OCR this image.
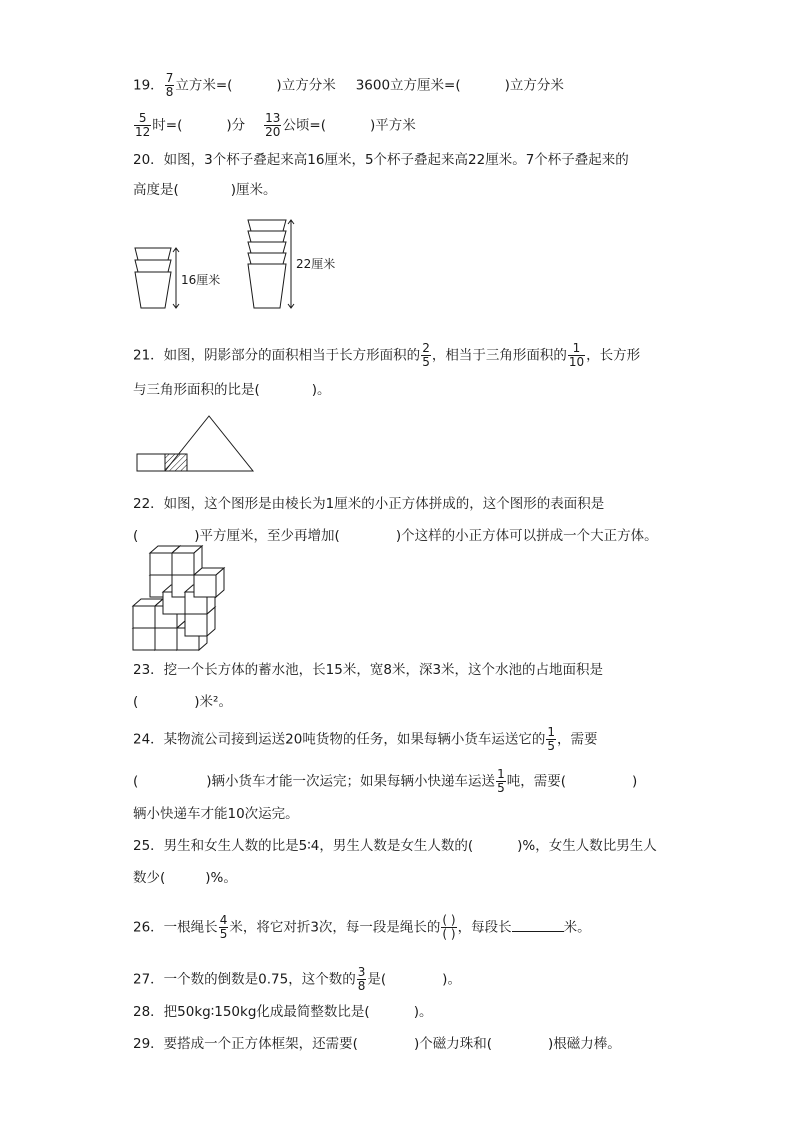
19． $\frac{7}{8}$ 立方米=(	)立方分米 3600立方厘米=(	)立方分米
$\frac{5}{12}$ 时=(	)分 $\frac{13}{20}$ 公顷=(	)平方米
20．如图，3个杯子叠起来高16厘米，5个杯子叠起来高22厘米。7个杯子叠起来的
高度是(	)厘米。
16厘米
22厘米
21．如图，阴影部分的面积相当于长方形面积的 $\frac{2}{5}$ ，相当于三角形面积的 $\frac{1}{10}$ ，长方形
与三角形面积的比是(	)。
22．如图，这个图形是由棱长为1厘米的小正方体拼成的，这个图形的表面积是
(	)平方厘米，至少再增加(	)个这样的小正方体可以拼成一个大正方体。
23．挖一个长方体的蓄水池，长15米，宽8米，深3米，这个水池的占地面积是
(	)米²。
24．某物流公司接到运送20吨货物的任务，如果每辆小货车运送它的 $\frac{1}{5}$ ，需要
(	)辆小货车才能一次运完；如果每辆小快递车运送 $\frac{1}{5}$ 吨，需要(	)
辆小快递车才能10次运完。
25．男生和女生人数的比是5∶4，男生人数是女生人数的(	)%，女生人数比男生人
数少(	)%。
26．一根绳长 $\frac{4}{5}$ 米，将它对折3次，每一段是绳长的 $\frac{( )}{( )}$ ，每段长	米。
27．一个数的倒数是0.75，这个数的 $\frac{3}{8}$ 是(	)。
28．把50kg∶150kg化成最简整数比是(	)。
29．要搭成一个正方体框架，还需要(	)个磁力珠和(	)根磁力棒。
